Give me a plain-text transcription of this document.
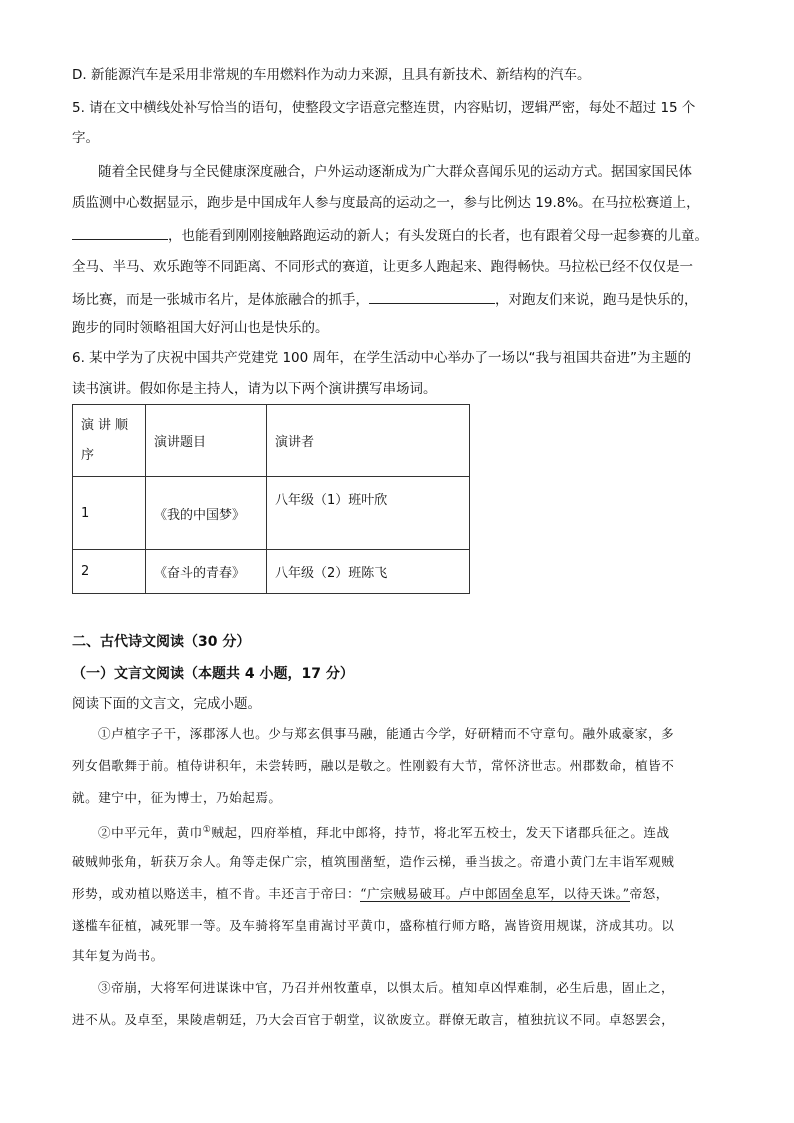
D. 新能源汽车是采用非常规的车用燃料作为动力来源，且具有新技术、新结构的汽车。
5. 请在文中横线处补写恰当的语句，使整段文字语意完整连贯，内容贴切，逻辑严密，每处不超过 15 个
字。
随着全民健身与全民健康深度融合，户外运动逐渐成为广大群众喜闻乐见的运动方式。据国家国民体
质监测中心数据显示，跑步是中国成年人参与度最高的运动之一，参与比例达 19.8%。在马拉松赛道上，
，也能看到刚刚接触路跑运动的新人；有头发斑白的长者，也有跟着父母一起参赛的儿童。
全马、半马、欢乐跑等不同距离、不同形式的赛道，让更多人跑起来、跑得畅快。马拉松已经不仅仅是一
场比赛，而是一张城市名片，是体旅融合的抓手，	，对跑友们来说，跑马是快乐的，
跑步的同时领略祖国大好河山也是快乐的。
6. 某中学为了庆祝中国共产党建党 100 周年，在学生活动中心举办了一场以“我与祖国共奋进”为主题的
读书演讲。假如你是主持人，请为以下两个演讲撰写串场词。
演讲顺序	演讲题目	演讲者
1	《我的中国梦》	八年级（1）班叶欣
2	《奋斗的青春》	八年级（2）班陈飞
二、古代诗文阅读（30 分）
（一）文言文阅读（本题共 4 小题，17 分）
阅读下面的文言文，完成小题。
①卢植字子干，涿郡涿人也。少与郑玄俱事马融，能通古今学，好研精而不守章句。融外戚豪家，多
列女倡歌舞于前。植侍讲积年，未尝转眄，融以是敬之。性刚毅有大节，常怀济世志。州郡数命，植皆不
就。建宁中，征为博士，乃始起焉。
②中平元年，黄巾①贼起，四府举植，拜北中郎将，持节，将北军五校士，发天下诸郡兵征之。连战
破贼帅张角，斩获万余人。角等走保广宗，植筑围凿堑，造作云梯，垂当拔之。帝遣小黄门左丰诣军观贼
形势，或劝植以赂送丰，植不肯。丰还言于帝曰：“广宗贼易破耳。卢中郎固垒息军，以待天诛。”帝怒，
遂槛车征植，减死罪一等。及车骑将军皇甫嵩讨平黄巾，盛称植行师方略，嵩皆资用规谋，济成其功。以
其年复为尚书。
③帝崩，大将军何进谋诛中官，乃召并州牧董卓，以惧太后。植知卓凶悍难制，必生后患，固止之，
进不从。及卓至，果陵虐朝廷，乃大会百官于朝堂，议欲废立。群僚无敢言，植独抗议不同。卓怒罢会，
